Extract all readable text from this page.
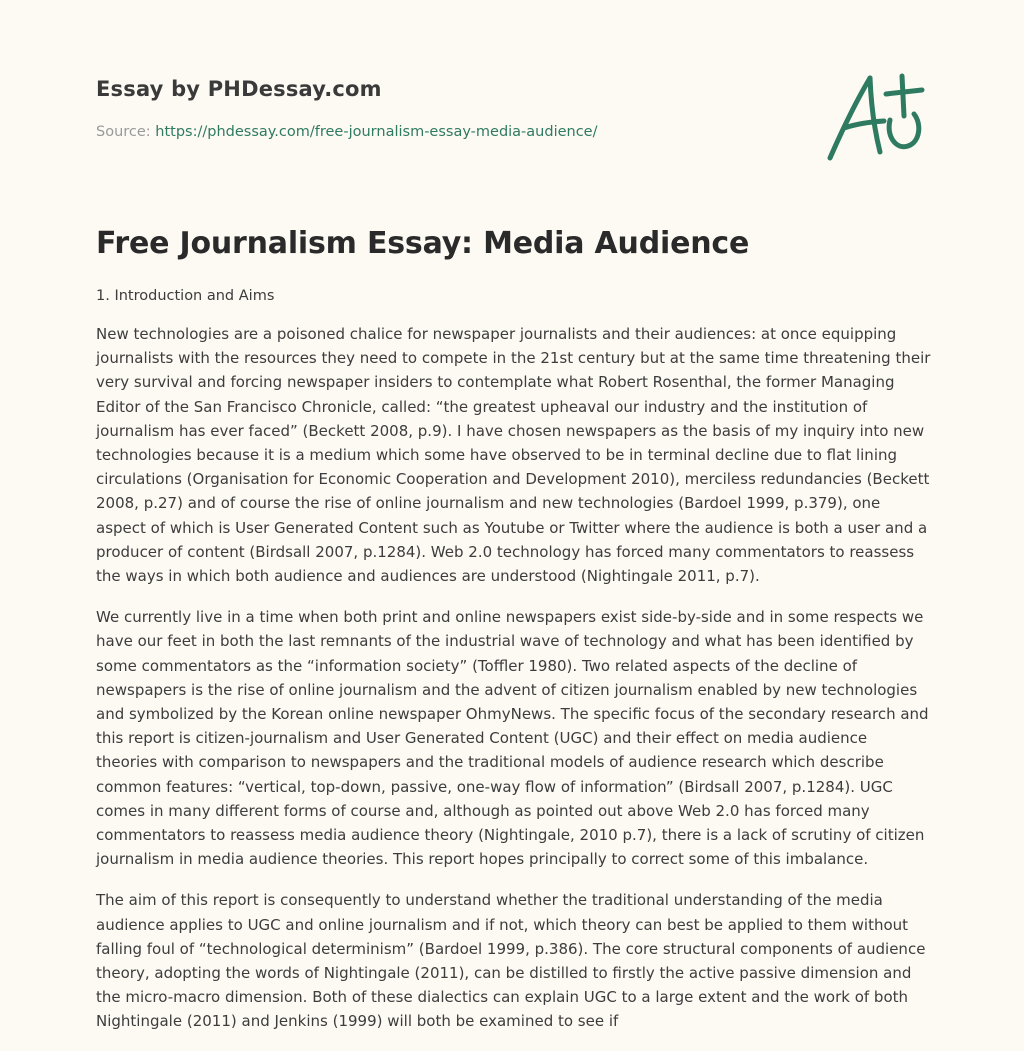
Essay by PHDessay.com
Source: https://phdessay.com/free-journalism-essay-media-audience/
Free Journalism Essay: Media Audience
1. Introduction and Aims

New technologies are a poisoned chalice for newspaper journalists and their audiences: at once equipping journalists with the resources they need to compete in the 21st century but at the same time threatening their very survival and forcing newspaper insiders to contemplate what Robert Rosenthal, the former Managing Editor of the San Francisco Chronicle, called: “the greatest upheaval our industry and the institution of journalism has ever faced” (Beckett 2008, p.9). I have chosen newspapers as the basis of my inquiry into new technologies because it is a medium which some have observed to be in terminal decline due to flat lining circulations (Organisation for Economic Cooperation and Development 2010), merciless redundancies (Beckett 2008, p.27) and of course the rise of online journalism and new technologies (Bardoel 1999, p.379), one aspect of which is User Generated Content such as Youtube or Twitter where the audience is both a user and a producer of content (Birdsall 2007, p.1284). Web 2.0 technology has forced many commentators to reassess the ways in which both audience and audiences are understood (Nightingale 2011, p.7).

We currently live in a time when both print and online newspapers exist side-by-side and in some respects we have our feet in both the last remnants of the industrial wave of technology and what has been identified by some commentators as the “information society” (Toffler 1980). Two related aspects of the decline of newspapers is the rise of online journalism and the advent of citizen journalism enabled by new technologies and symbolized by the Korean online newspaper OhmyNews. The specific focus of the secondary research and this report is citizen-journalism and User Generated Content (UGC) and their effect on media audience theories with comparison to newspapers and the traditional models of audience research which describe common features: “vertical, top-down, passive, one-way flow of information” (Birdsall 2007, p.1284). UGC comes in many different forms of course and, although as pointed out above Web 2.0 has forced many commentators to reassess media audience theory (Nightingale, 2010 p.7), there is a lack of scrutiny of citizen journalism in media audience theories. This report hopes principally to correct some of this imbalance.

The aim of this report is consequently to understand whether the traditional understanding of the media audience applies to UGC and online journalism and if not, which theory can best be applied to them without falling foul of “technological determinism” (Bardoel 1999, p.386). The core structural components of audience theory, adopting the words of Nightingale (2011), can be distilled to firstly the active passive dimension and the micro-macro dimension. Both of these dialectics can explain UGC to a large extent and the work of both Nightingale (2011) and Jenkins (1999) will both be examined to see if
